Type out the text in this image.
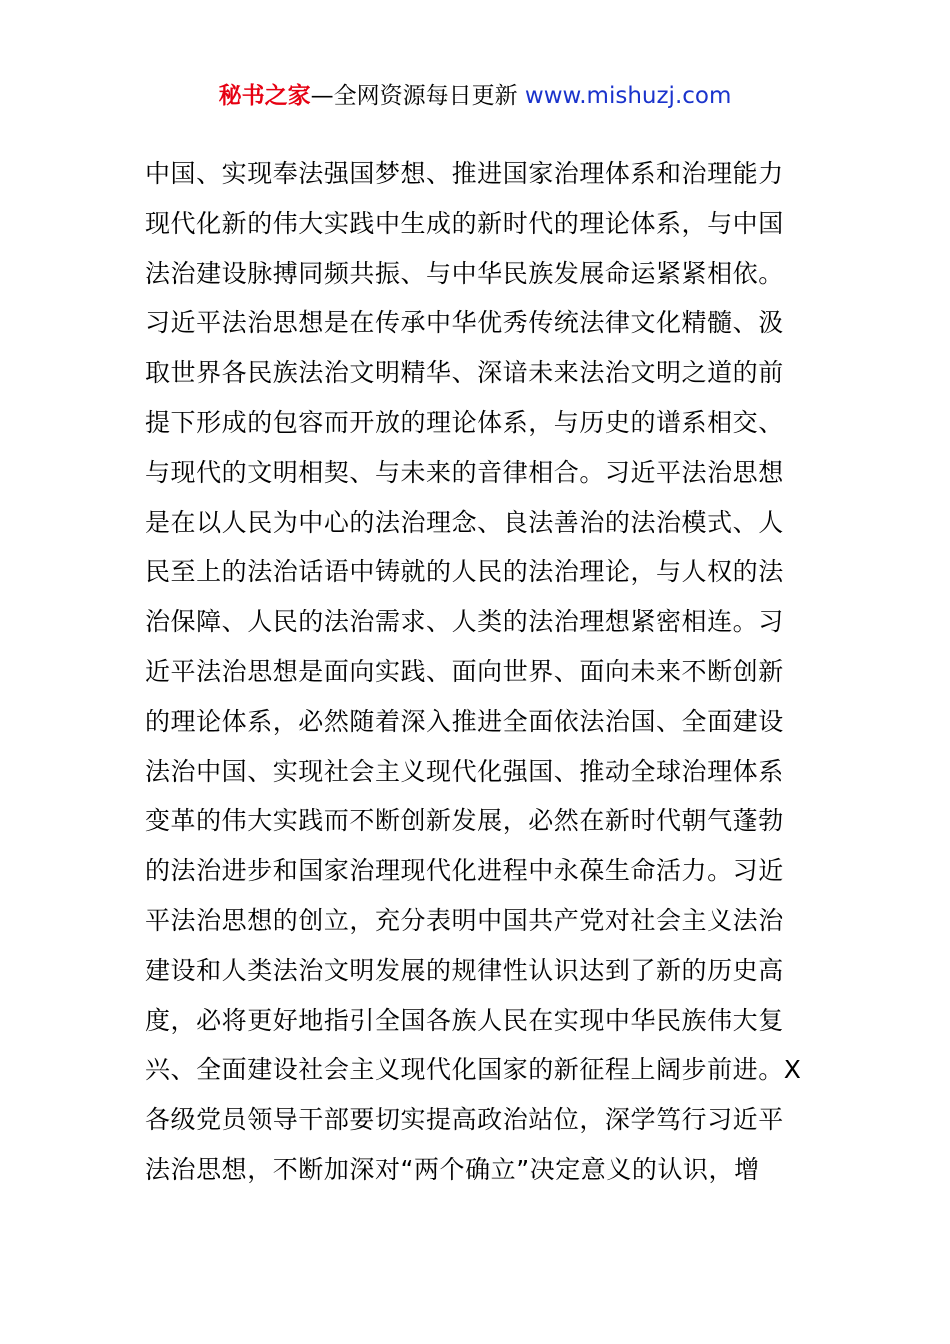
秘书之家—全网资源每日更新 www.mishuzj.com
中国、实现奉法强国梦想、推进国家治理体系和治理能力
现代化新的伟大实践中生成的新时代的理论体系，与中国
法治建设脉搏同频共振、与中华民族发展命运紧紧相依。
习近平法治思想是在传承中华优秀传统法律文化精髓、汲
取世界各民族法治文明精华、深谙未来法治文明之道的前
提下形成的包容而开放的理论体系，与历史的谱系相交、
与现代的文明相契、与未来的音律相合。习近平法治思想
是在以人民为中心的法治理念、良法善治的法治模式、人
民至上的法治话语中铸就的人民的法治理论，与人权的法
治保障、人民的法治需求、人类的法治理想紧密相连。习
近平法治思想是面向实践、面向世界、面向未来不断创新
的理论体系，必然随着深入推进全面依法治国、全面建设
法治中国、实现社会主义现代化强国、推动全球治理体系
变革的伟大实践而不断创新发展，必然在新时代朝气蓬勃
的法治进步和国家治理现代化进程中永葆生命活力。习近
平法治思想的创立，充分表明中国共产党对社会主义法治
建设和人类法治文明发展的规律性认识达到了新的历史高
度，必将更好地指引全国各族人民在实现中华民族伟大复
兴、全面建设社会主义现代化国家的新征程上阔步前进。X
各级党员领导干部要切实提高政治站位，深学笃行习近平
法治思想，不断加深对“两个确立”决定意义的认识，增
